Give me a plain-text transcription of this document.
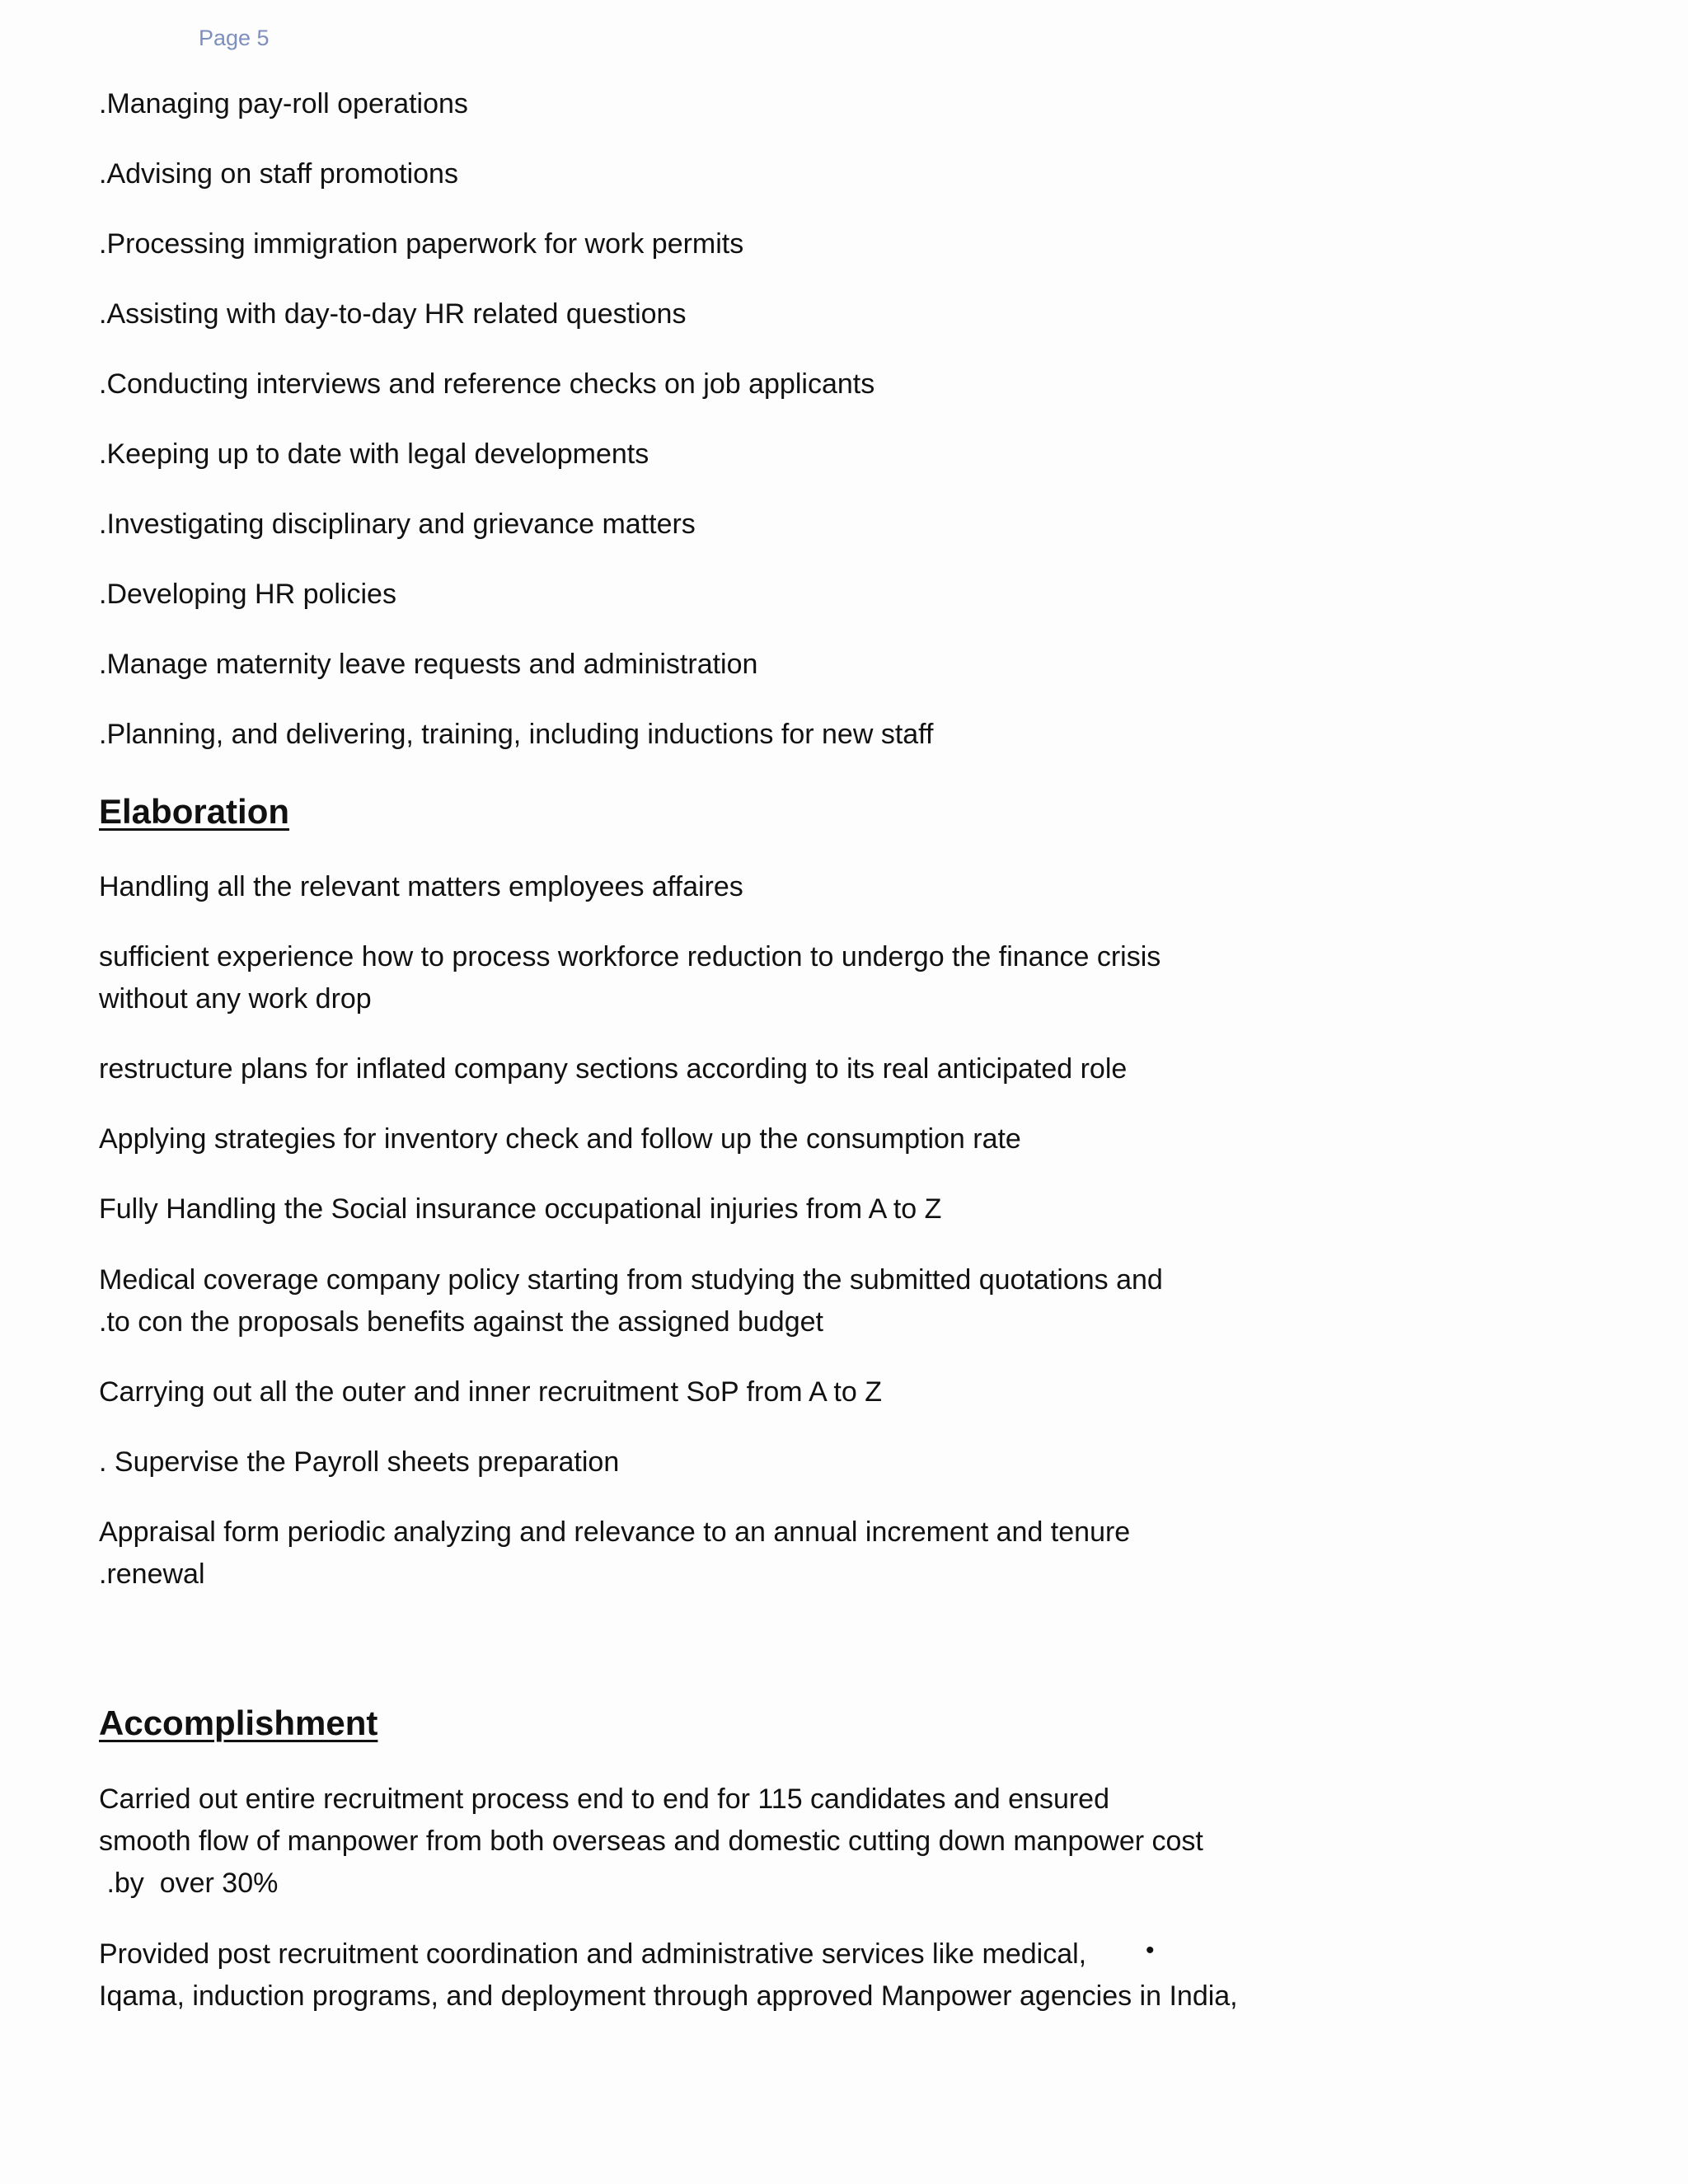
Page 5
.Managing pay-roll operations
.Advising on staff promotions
.Processing immigration paperwork for work permits
.Assisting with day-to-day HR related questions
.Conducting interviews and reference checks on job applicants
.Keeping up to date with legal developments
.Investigating disciplinary and grievance matters
.Developing HR policies
.Manage maternity leave requests and administration
.Planning, and delivering, training, including inductions for new staff
Elaboration
Handling all the relevant matters employees affaires
sufficient experience how to process workforce reduction to undergo the finance crisis
without any work drop
restructure plans for inflated company sections according to its real anticipated role
Applying strategies for inventory check and follow up the consumption rate
Fully Handling the Social insurance occupational injuries from A to Z
Medical coverage company policy starting from studying the submitted quotations and
.to con the proposals benefits against the assigned budget
Carrying out all the outer and inner recruitment SoP from A to Z
. Supervise the Payroll sheets preparation
Appraisal form periodic analyzing and relevance to an annual increment and tenure
.renewal
Accomplishment
Carried out entire recruitment process end to end for 115 candidates and ensured
smooth flow of manpower from both overseas and domestic cutting down manpower cost
.by  over 30%
Provided post recruitment coordination and administrative services like medical, •
Iqama, induction programs, and deployment through approved Manpower agencies in India,
